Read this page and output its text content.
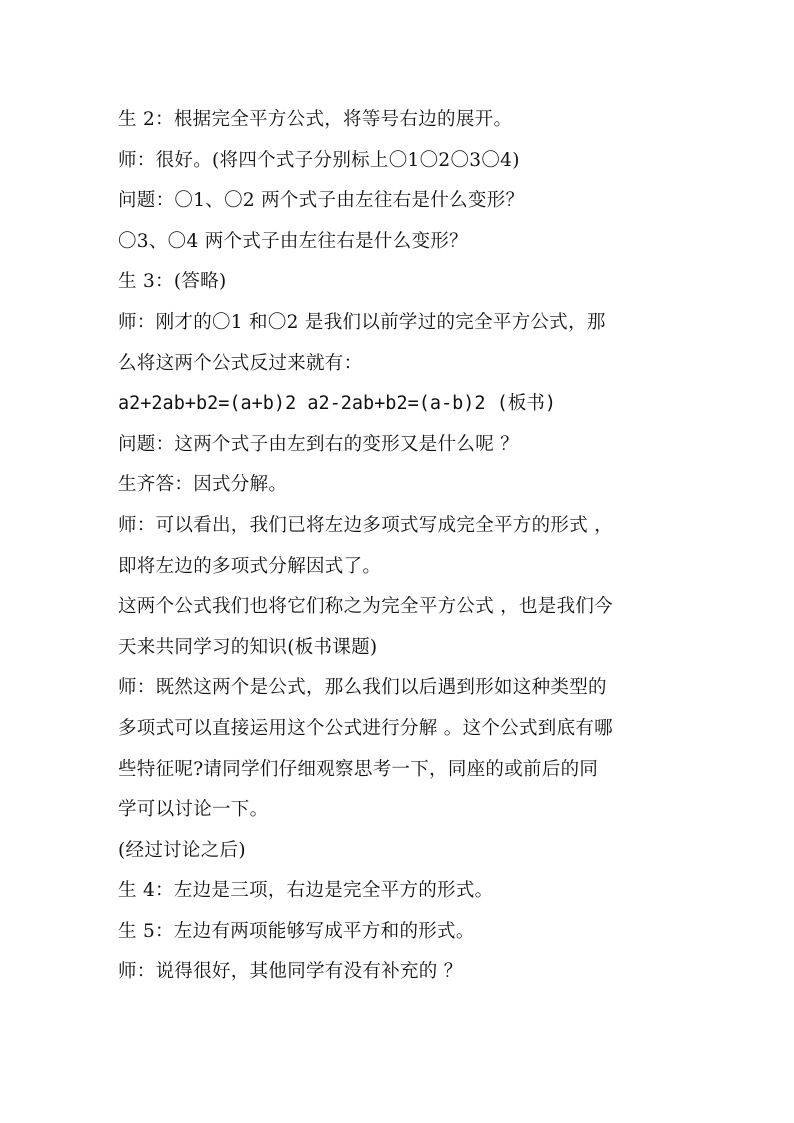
生 2：根据完全平方公式，将等号右边的展开。
师：很好。(将四个式子分别标上〇1〇2〇3〇4)
问题：〇1、〇2 两个式子由左往右是什么变形？
〇3、〇4 两个式子由左往右是什么变形？
生 3：(答略)
师：刚才的〇1 和〇2 是我们以前学过的完全平方公式，那
么将这两个公式反过来就有：
a2+2ab+b2=(a+b)2 a2-2ab+b2=(a-b)2 (板书)
问题：这两个式子由左到右的变形又是什么呢 ？
生齐答：因式分解。
师：可以看出，我们已将左边多项式写成完全平方的形式 ，
即将左边的多项式分解因式了。
这两个公式我们也将它们称之为完全平方公式 ，也是我们今
天来共同学习的知识(板书课题)
师：既然这两个是公式，那么我们以后遇到形如这种类型的
多项式可以直接运用这个公式进行分解 。这个公式到底有哪
些特征呢?请同学们仔细观察思考一下，同座的或前后的同
学可以讨论一下。
(经过讨论之后)
生 4：左边是三项，右边是完全平方的形式。
生 5：左边有两项能够写成平方和的形式。
师：说得很好，其他同学有没有补充的 ？
